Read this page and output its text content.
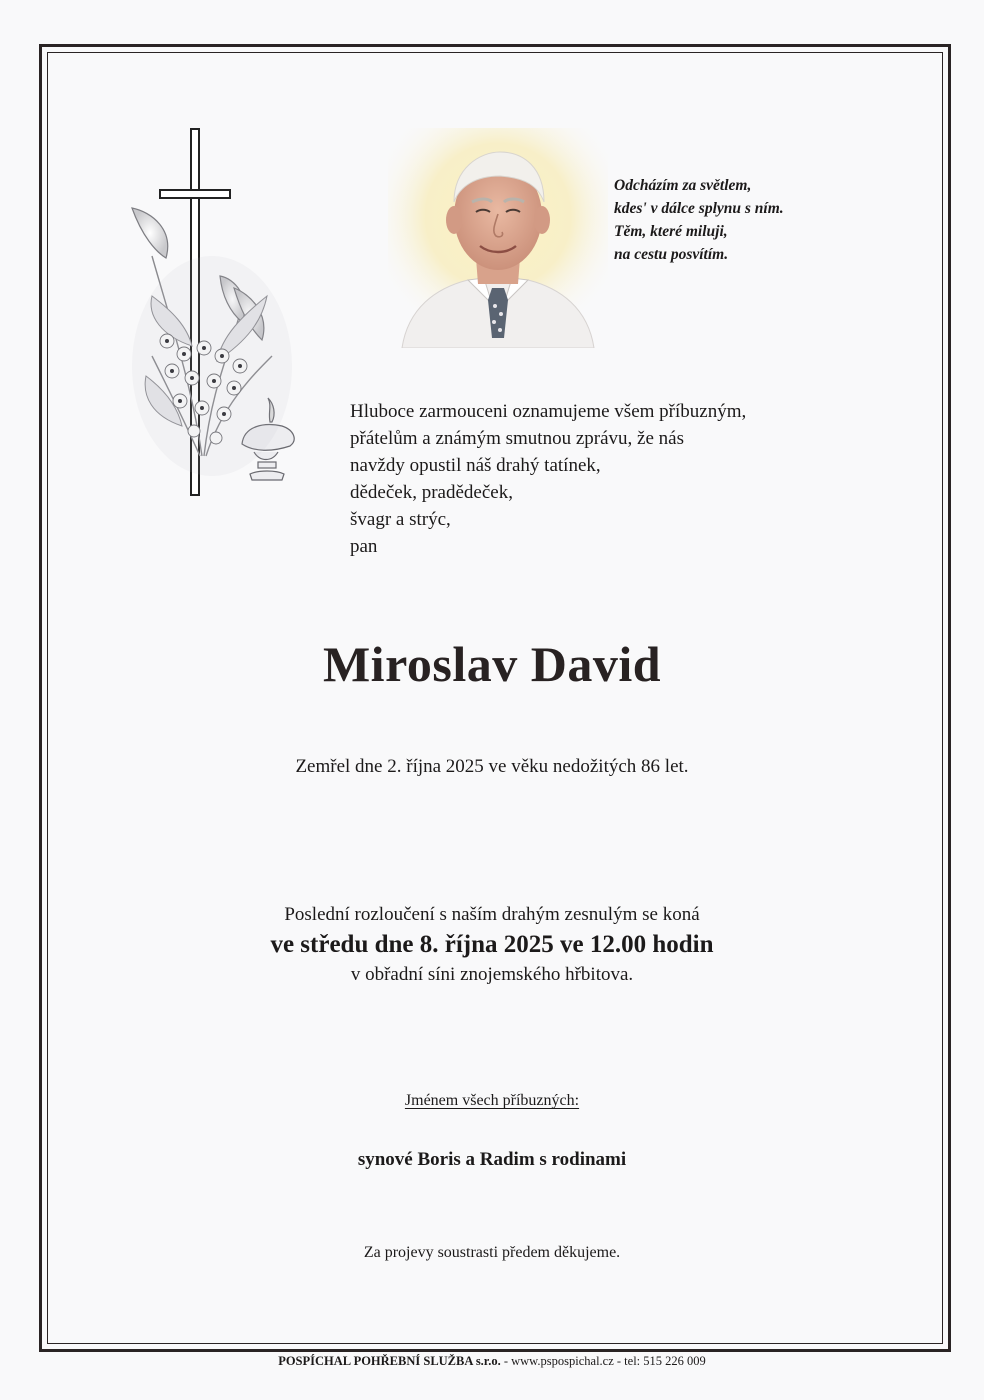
Odcházím za světlem,
kdes' v dálce splynu s ním.
Těm, které miluji,
na cestu posvítím.
Hluboce zarmouceni oznamujeme všem příbuzným,
přátelům a známým smutnou zprávu, že nás
navždy opustil náš drahý tatínek,
dědeček, pradědeček,
švagr a strýc,
pan
Miroslav David
Zemřel dne 2. října 2025 ve věku nedožitých 86 let.
Poslední rozloučení s naším drahým zesnulým se koná
ve středu dne 8. října 2025 ve 12.00 hodin
v obřadní síni znojemského hřbitova.
Jménem všech příbuzných:
synové Boris a Radim s rodinami
Za projevy soustrasti předem děkujeme.
POSPÍCHAL POHŘEBNÍ SLUŽBA s.r.o. - www.pspospichal.cz - tel: 515 226 009
